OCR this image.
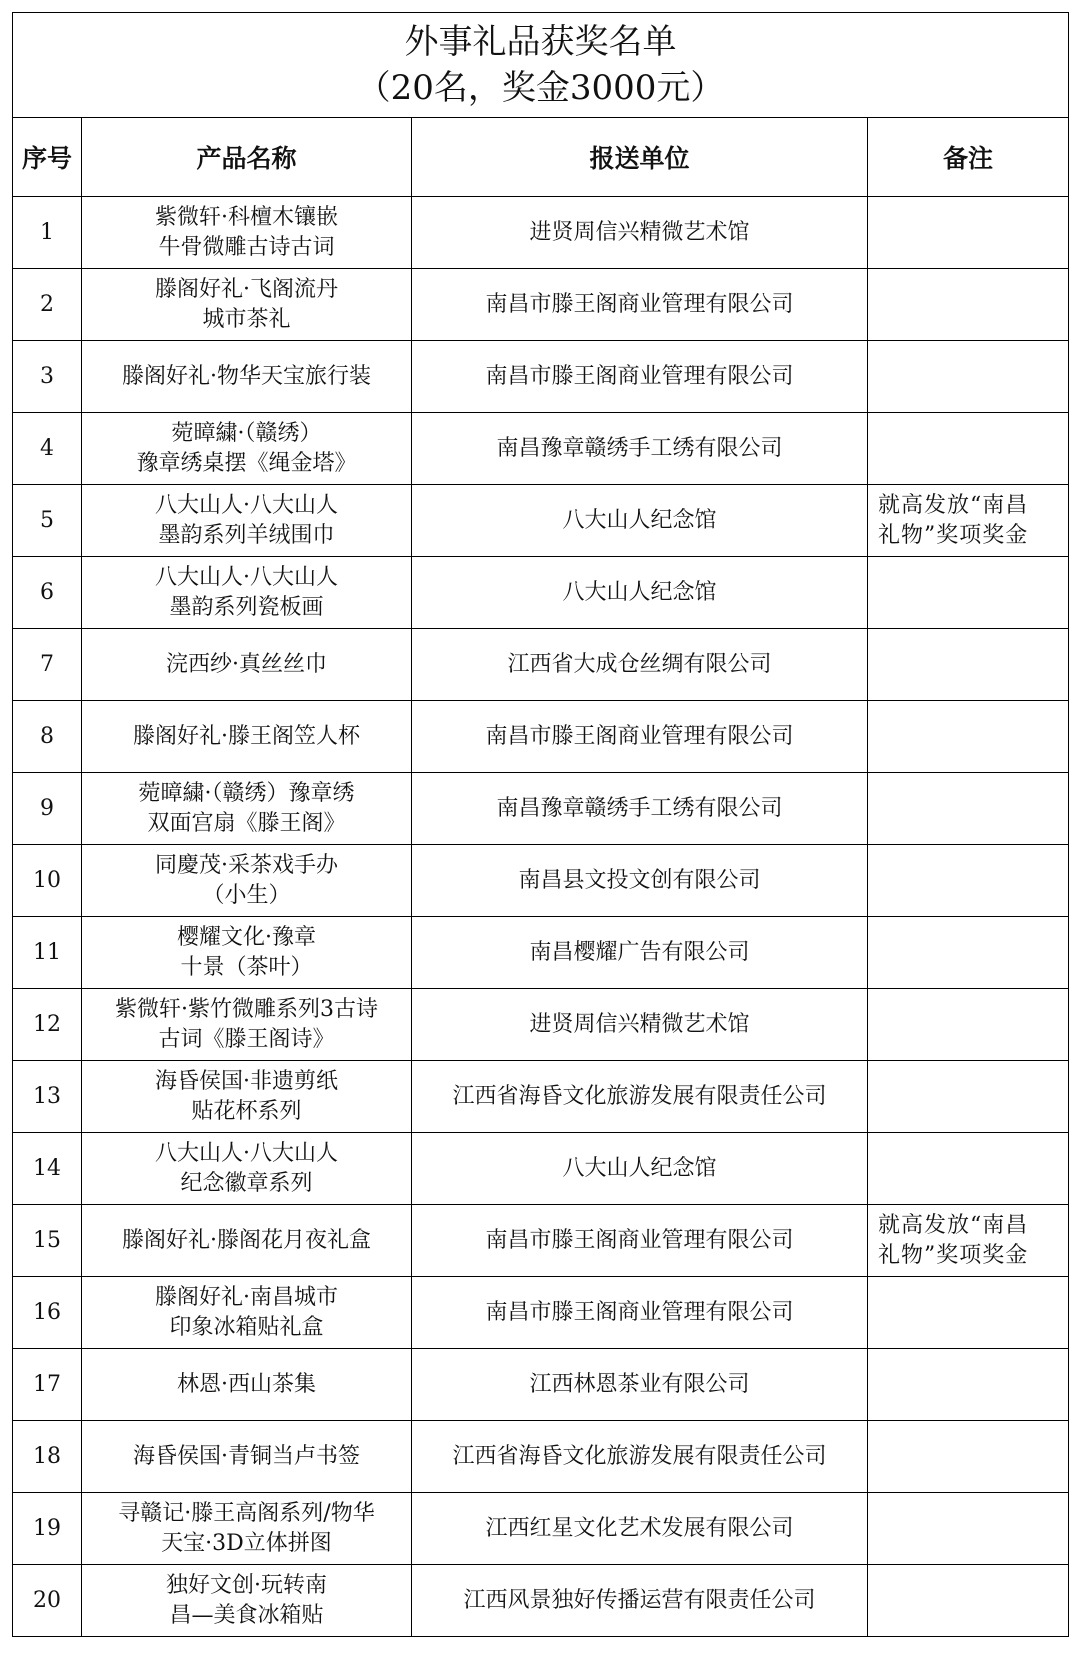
外事礼品获奖名单
（20名，奖金3000元）			

序号	产品名称	报送单位	备注
1	紫微轩·科檀木镶嵌
牛骨微雕古诗古词	进贤周信兴精微艺术馆	
2	滕阁好礼·飞阁流丹
城市茶礼	南昌市滕王阁商业管理有限公司	
3	滕阁好礼·物华天宝旅行装	南昌市滕王阁商业管理有限公司	
4	菀暲繍·（赣绣）
豫章绣桌摆《绳金塔》	南昌豫章赣绣手工绣有限公司	
5	八大山人·八大山人
墨韵系列羊绒围巾	八大山人纪念馆	就高发放“南昌
礼物”奖项奖金
6	八大山人·八大山人
墨韵系列瓷板画	八大山人纪念馆	
7	浣西纱·真丝丝巾	江西省大成仓丝绸有限公司	
8	滕阁好礼·滕王阁笠人杯	南昌市滕王阁商业管理有限公司	
9	菀暲繍·（赣绣）豫章绣
双面宫扇《滕王阁》	南昌豫章赣绣手工绣有限公司	
10	同慶茂·采茶戏手办
（小生）	南昌县文投文创有限公司	
11	樱耀文化·豫章
十景（茶叶）	南昌樱耀广告有限公司	
12	紫微轩·紫竹微雕系列3古诗
古词《滕王阁诗》	进贤周信兴精微艺术馆	
13	海昏侯国·非遗剪纸
贴花杯系列	江西省海昏文化旅游发展有限责任公司	
14	八大山人·八大山人
纪念徽章系列	八大山人纪念馆	
15	滕阁好礼·滕阁花月夜礼盒	南昌市滕王阁商业管理有限公司	就高发放“南昌
礼物”奖项奖金
16	滕阁好礼·南昌城市
印象冰箱贴礼盒	南昌市滕王阁商业管理有限公司	
17	林恩·西山茶集	江西林恩茶业有限公司	
18	海昏侯国·青铜当卢书签	江西省海昏文化旅游发展有限责任公司	
19	寻赣记·滕王高阁系列/物华
天宝·3D立体拼图	江西红星文化艺术发展有限公司	
20	独好文创·玩转南
昌—美食冰箱贴	江西风景独好传播运营有限责任公司	
